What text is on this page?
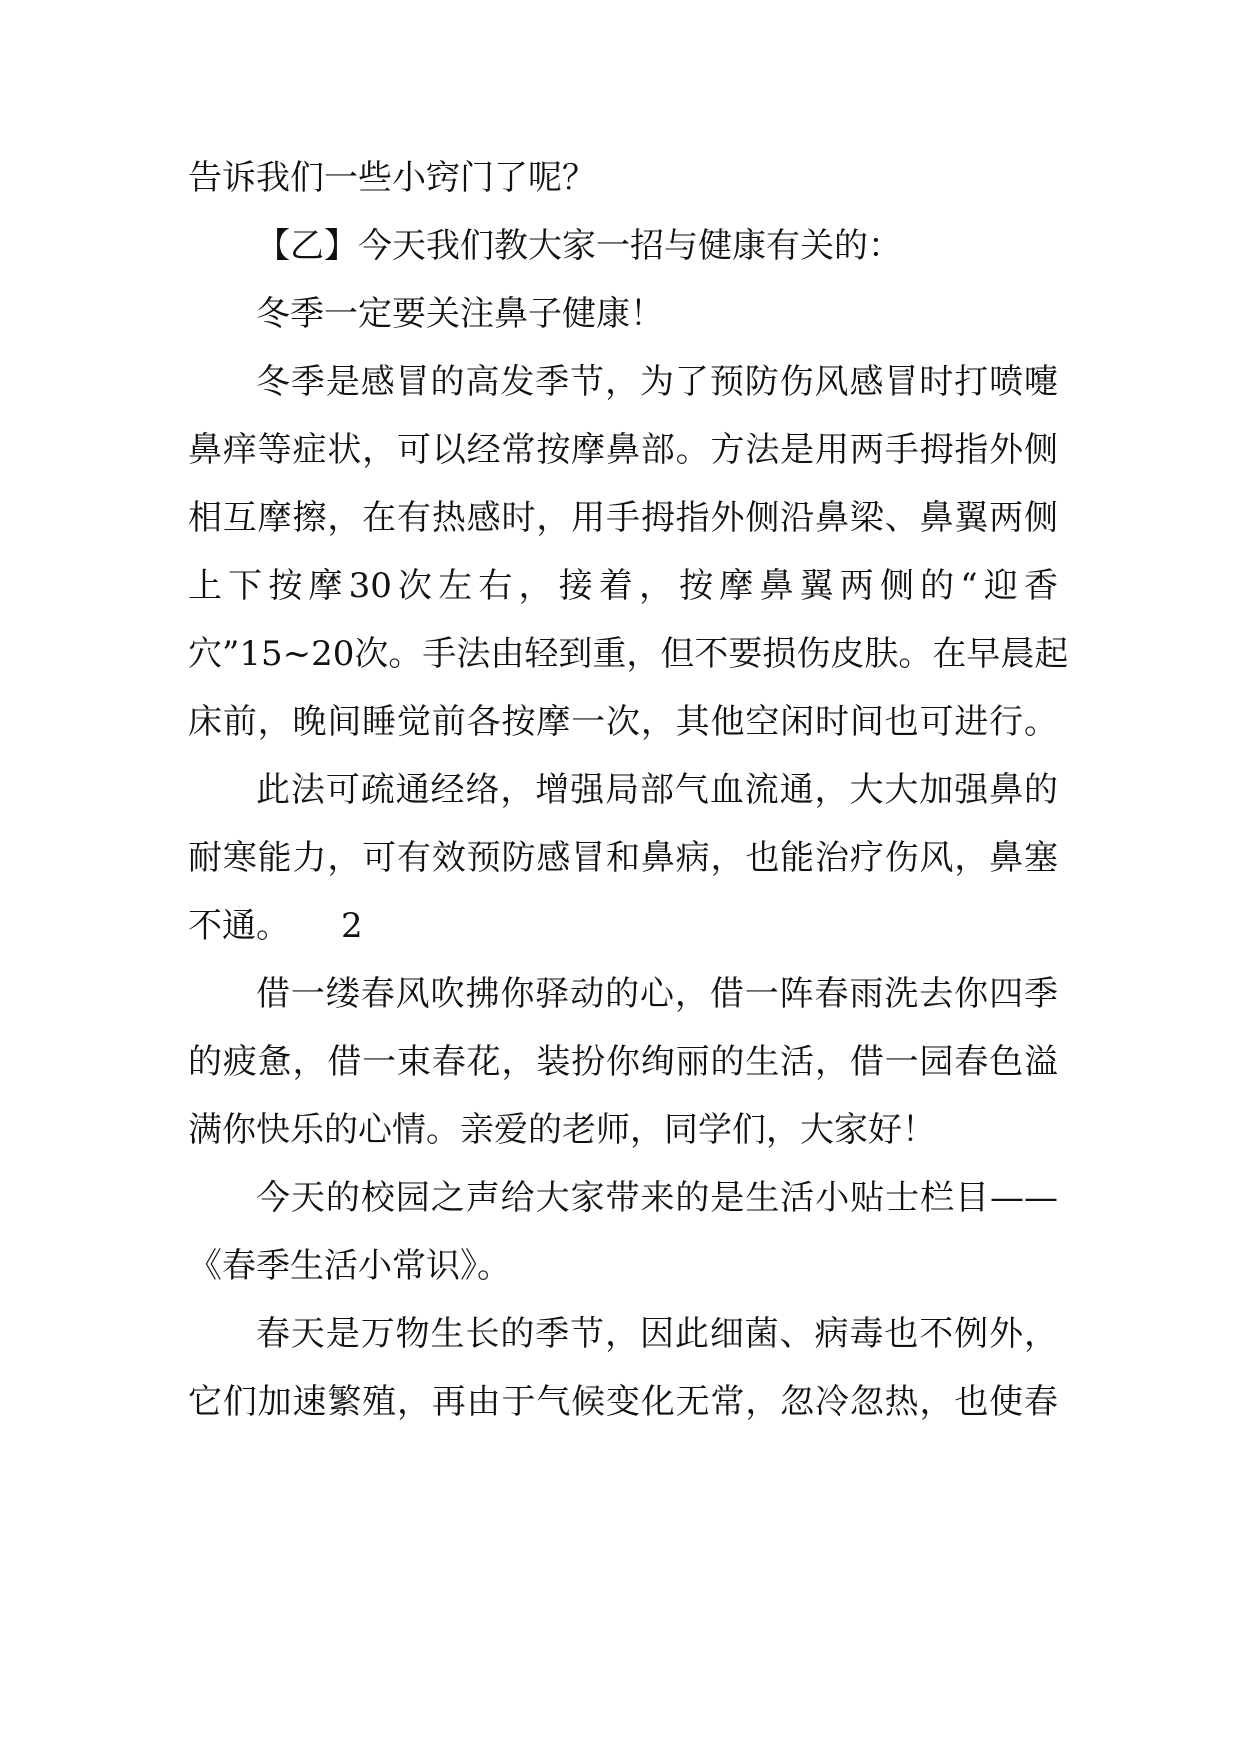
告诉我们一些小窍门了呢？
【乙】今天我们教大家一招与健康有关的：
冬季一定要关注鼻子健康！
冬季是感冒的高发季节，为了预防伤风感冒时打喷嚏
鼻痒等症状，可以经常按摩鼻部。方法是用两手拇指外侧
相互摩擦，在有热感时，用手拇指外侧沿鼻梁、鼻翼两侧
上下按摩30次左右，接着，按摩鼻翼两侧的“迎香
穴”15~20次。手法由轻到重，但不要损伤皮肤。在早晨起
床前，晚间睡觉前各按摩一次，其他空闲时间也可进行。
此法可疏通经络，增强局部气血流通，大大加强鼻的
耐寒能力，可有效预防感冒和鼻病，也能治疗伤风，鼻塞
不通。　　2
借一缕春风吹拂你驿动的心，借一阵春雨洗去你四季
的疲惫，借一束春花，装扮你绚丽的生活，借一园春色溢
满你快乐的心情。亲爱的老师，同学们，大家好！
今天的校园之声给大家带来的是生活小贴士栏目——
《春季生活小常识》。
春天是万物生长的季节，因此细菌、病毒也不例外，
它们加速繁殖，再由于气候变化无常，忽冷忽热，也使春
